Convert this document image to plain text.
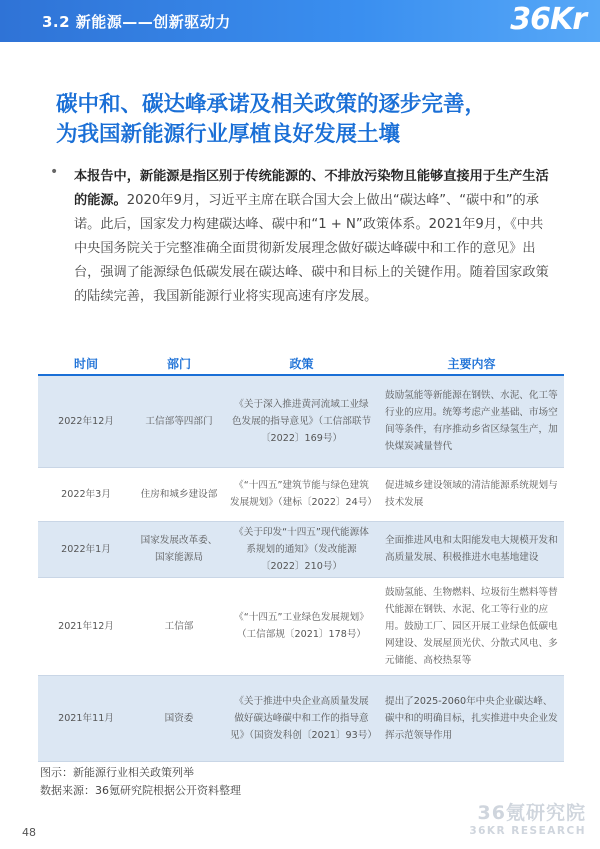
3.2 新能源——创新驱动力	36Kr
碳中和、碳达峰承诺及相关政策的逐步完善，
为我国新能源行业厚植良好发展土壤
• 本报告中，新能源是指区别于传统能源的、不排放污染物且能够直接用于生产生活的能源。2020年9月，习近平主席在联合国大会上做出“碳达峰”、“碳中和”的承诺。此后，国家发力构建碳达峰、碳中和“1 + N”政策体系。2021年9月，《中共中央国务院关于完整准确全面贯彻新发展理念做好碳达峰碳中和工作的意见》出台，强调了能源绿色低碳发展在碳达峰、碳中和目标上的关键作用。随着国家政策的陆续完善，我国新能源行业将实现高速有序发展。
时间	部门	政策	主要内容
2022年12月	工信部等四部门	《关于深入推进黄河流域工业绿色发展的指导意见》（工信部联节〔2022〕169号）	鼓励氢能等新能源在钢铁、水泥、化工等行业的应用。统筹考虑产业基础、市场空间等条件，有序推动乡省区绿氢生产，加快煤炭减量替代
2022年3月	住房和城乡建设部	《“十四五”建筑节能与绿色建筑发展规划》（建标〔2022〕24号）	促进城乡建设领域的清洁能源系统规划与技术发展
2022年1月	国家发展改革委、国家能源局	《关于印发“十四五”现代能源体系规划的通知》（发改能源〔2022〕210号）	全面推进风电和太阳能发电大规模开发和高质量发展、积极推进水电基地建设
2021年12月	工信部	《“十四五”工业绿色发展规划》（工信部规〔2021〕178号）	鼓励氢能、生物燃料、垃圾衍生燃料等替代能源在钢铁、水泥、化工等行业的应用。鼓励工厂、园区开展工业绿色低碳电网建设、发展屋顶光伏、分散式风电、多元储能、高校热泵等
2021年11月	国资委	《关于推进中央企业高质量发展做好碳达峰碳中和工作的指导意见》（国资发科创〔2021〕93号）	提出了2025-2060年中央企业碳达峰、碳中和的明确目标，扎实推进中央企业发挥示范领导作用
图示：新能源行业相关政策列举
数据来源：36氪研究院根据公开资料整理
36氪研究院
36KR RESEARCH
48
